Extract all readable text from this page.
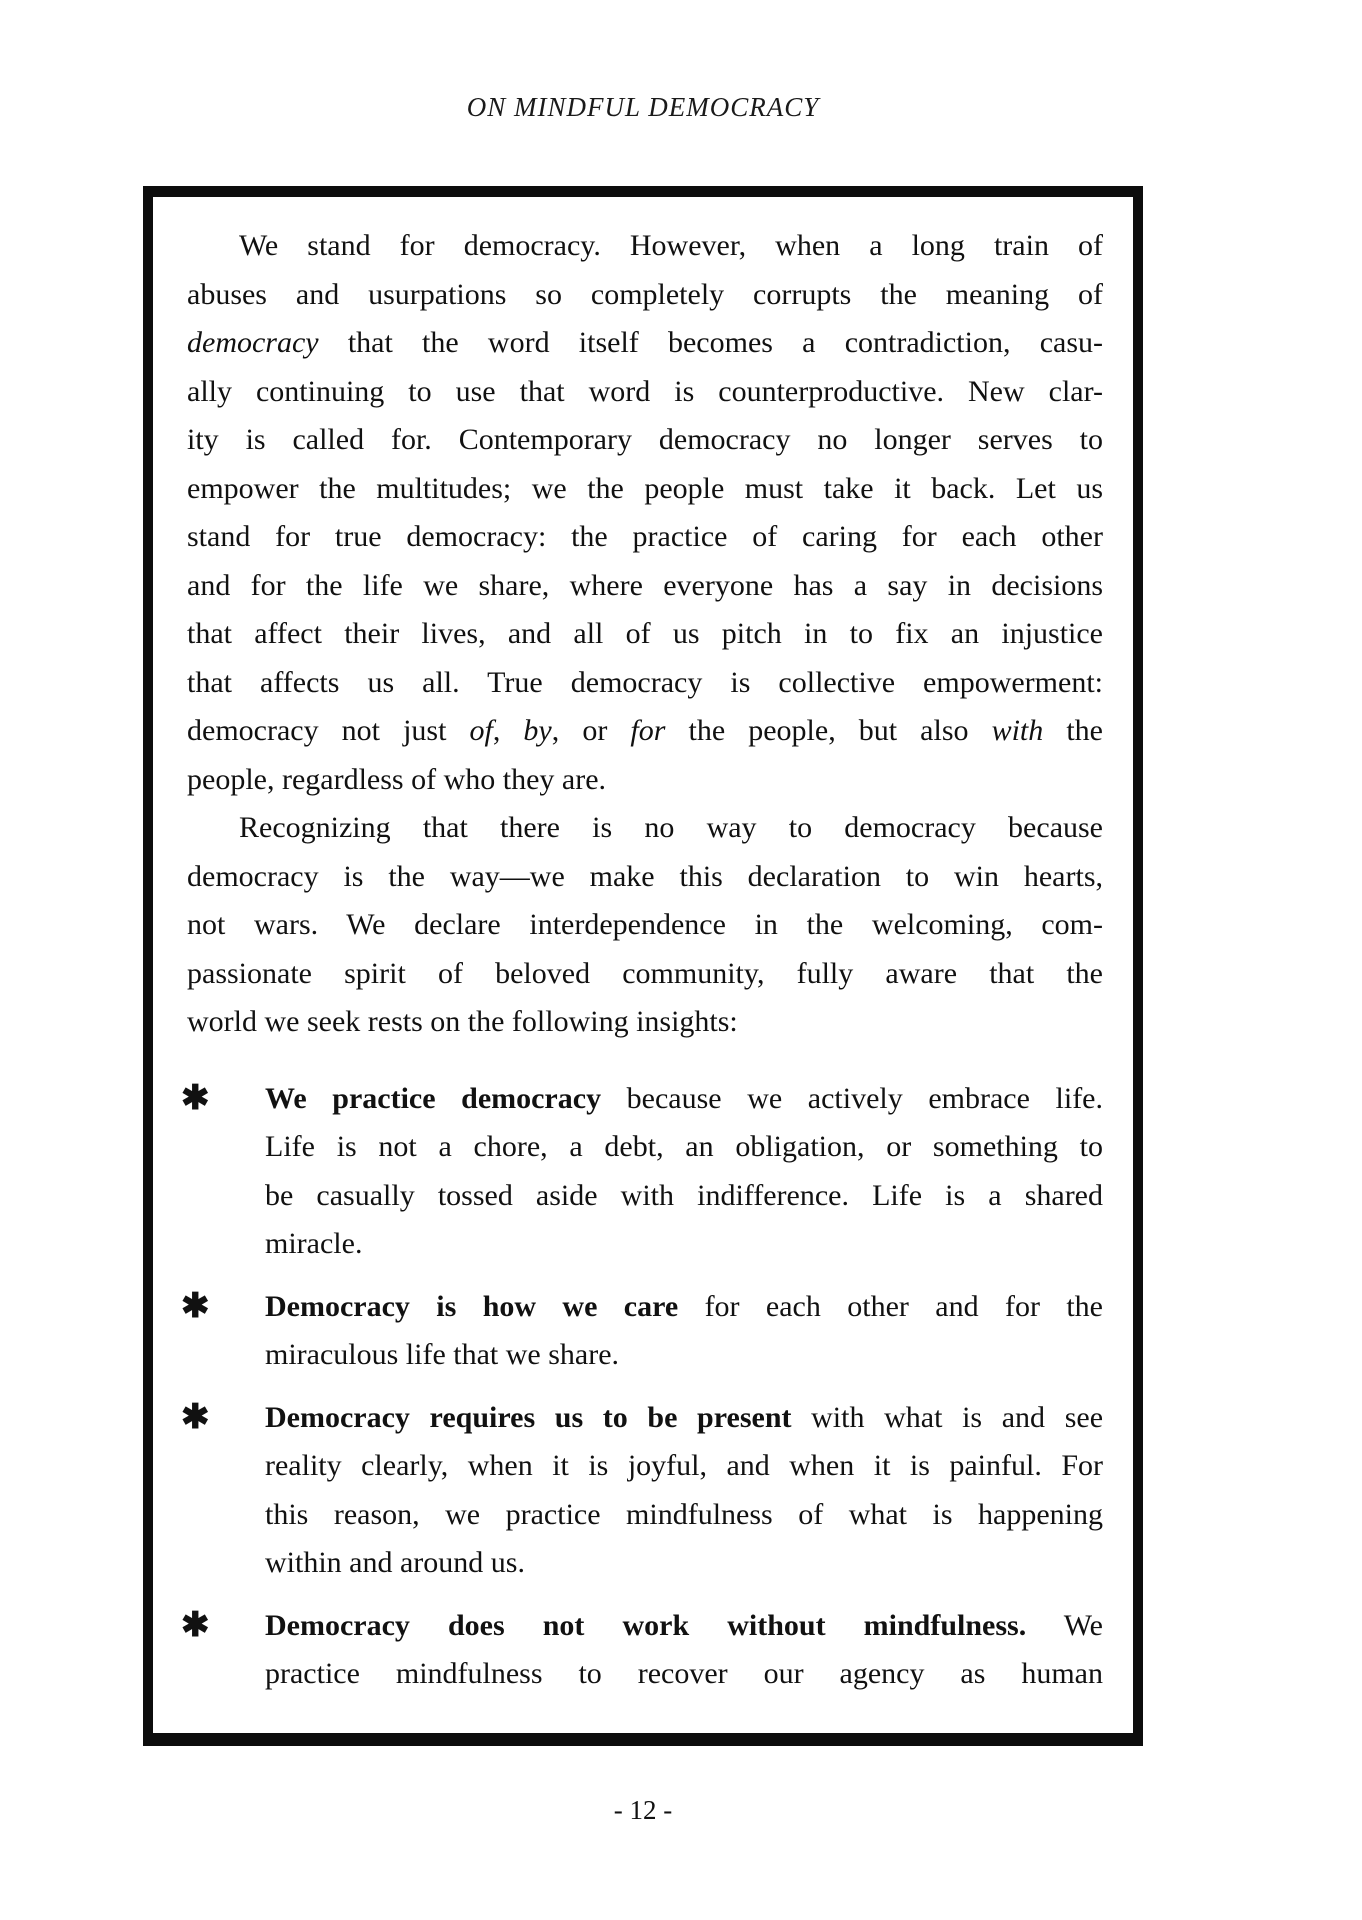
ON MINDFUL DEMOCRACY
We stand for democracy. However, when a long train of
abuses and usurpations so completely corrupts the meaning of
democracy that the word itself becomes a contradiction, casu-
ally continuing to use that word is counterproductive. New clar-
ity is called for. Contemporary democracy no longer serves to
empower the multitudes; we the people must take it back. Let us
stand for true democracy: the practice of caring for each other
and for the life we share, where everyone has a say in decisions
that affect their lives, and all of us pitch in to fix an injustice
that affects us all. True democracy is collective empowerment:
democracy not just of, by, or for the people, but also with the
people, regardless of who they are.
Recognizing that there is no way to democracy because
democracy is the way—we make this declaration to win hearts,
not wars. We declare interdependence in the welcoming, com-
passionate spirit of beloved community, fully aware that the
world we seek rests on the following insights:
✱ We practice democracy because we actively embrace life.
Life is not a chore, a debt, an obligation, or something to
be casually tossed aside with indifference. Life is a shared
miracle.
✱ Democracy is how we care for each other and for the
miraculous life that we share.
✱ Democracy requires us to be present with what is and see
reality clearly, when it is joyful, and when it is painful. For
this reason, we practice mindfulness of what is happening
within and around us.
✱ Democracy does not work without mindfulness. We
practice mindfulness to recover our agency as human
- 12 -
